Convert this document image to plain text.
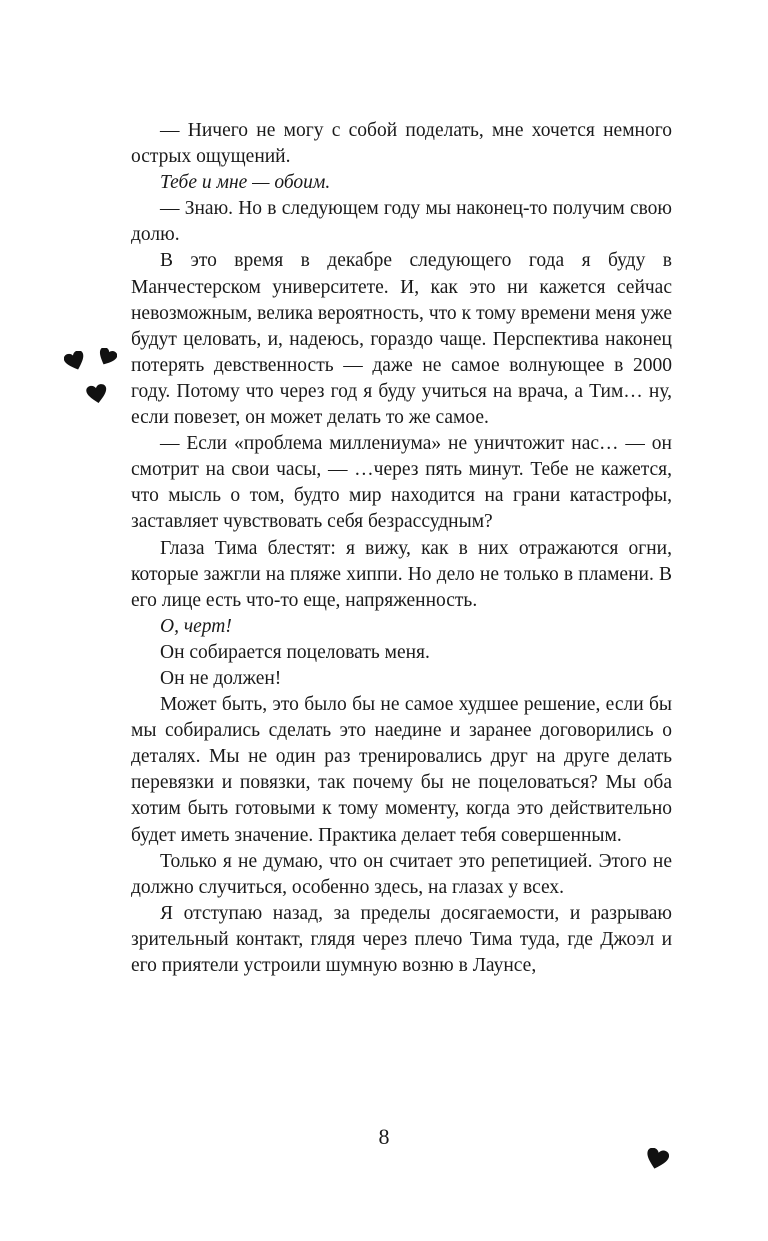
— Ничего не могу с собой поделать, мне хочется немного острых ощущений.

Тебе и мне — обоим.

— Знаю. Но в следующем году мы наконец-то получим свою долю.

В это время в декабре следующего года я буду в Манчестерском университете. И, как это ни кажется сейчас невозможным, велика вероятность, что к тому времени меня уже будут целовать, и, надеюсь, гораздо чаще. Перспектива наконец потерять девственность — даже не самое волнующее в 2000 году. Потому что через год я буду учиться на врача, а Тим… ну, если повезет, он может делать то же самое.

— Если «проблема миллениума» не уничтожит нас… — он смотрит на свои часы, — …через пять минут. Тебе не кажется, что мысль о том, будто мир находится на грани катастрофы, заставляет чувствовать себя безрассудным?

Глаза Тима блестят: я вижу, как в них отражаются огни, которые зажгли на пляже хиппи. Но дело не только в пламени. В его лице есть что-то еще, напряженность.

О, черт!

Он собирается поцеловать меня.

Он не должен!

Может быть, это было бы не самое худшее решение, если бы мы собирались сделать это наедине и заранее договорились о деталях. Мы не один раз тренировались друг на друге делать перевязки и повязки, так почему бы не поцеловаться? Мы оба хотим быть готовыми к тому моменту, когда это действительно будет иметь значение. Практика делает тебя совершенным.

Только я не думаю, что он считает это репетицией. Этого не должно случиться, особенно здесь, на глазах у всех.

Я отступаю назад, за пределы досягаемости, и разрываю зрительный контакт, глядя через плечо Тима туда, где Джоэл и его приятели устроили шумную возню в Лаунсе,

8
